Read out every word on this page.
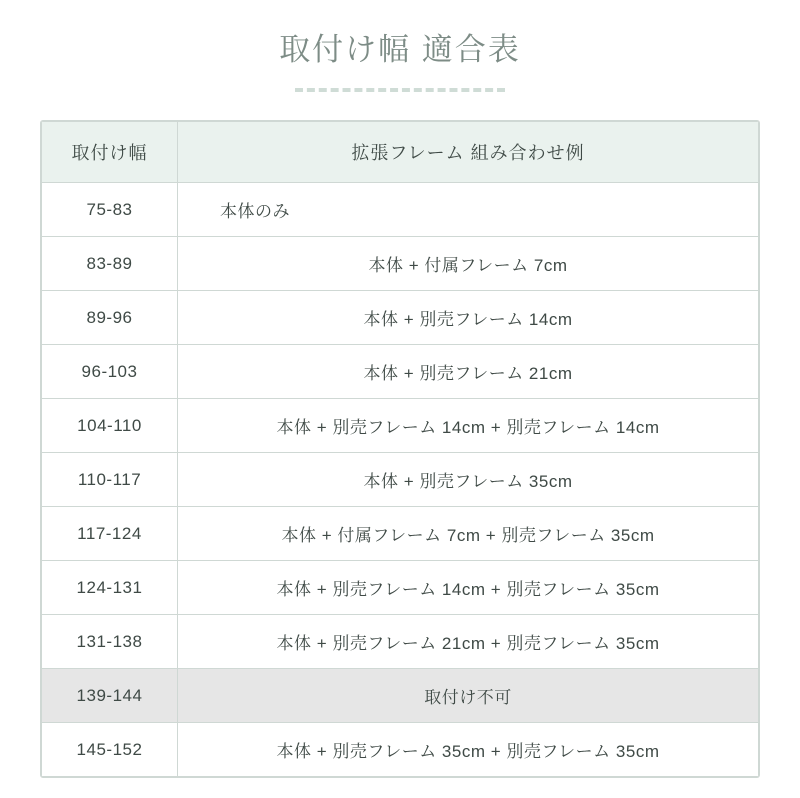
取付け幅 適合表
取付け幅	拡張フレーム 組み合わせ例
75-83	本体のみ
83-89	本体 + 付属フレーム 7cm
89-96	本体 + 別売フレーム 14cm
96-103	本体 + 別売フレーム 21cm
104-110	本体 + 別売フレーム 14cm + 別売フレーム 14cm
110-117	本体 + 別売フレーム 35cm
117-124	本体 + 付属フレーム 7cm + 別売フレーム 35cm
124-131	本体 + 別売フレーム 14cm + 別売フレーム 35cm
131-138	本体 + 別売フレーム 21cm + 別売フレーム 35cm
139-144	取付け不可
145-152	本体 + 別売フレーム 35cm + 別売フレーム 35cm
